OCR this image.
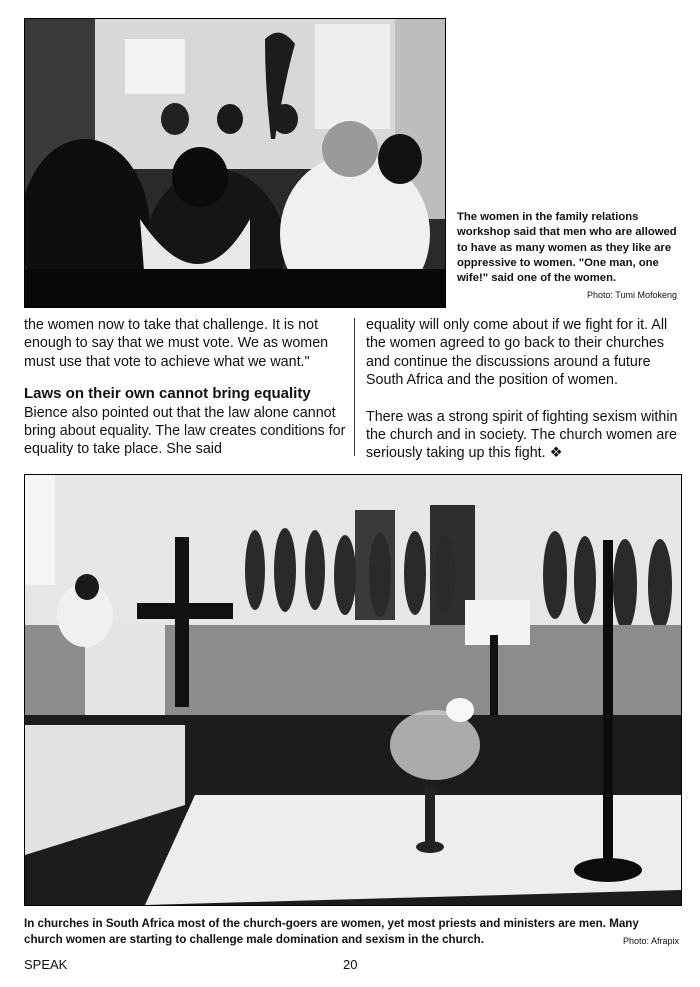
The women in the family relations workshop said that men who are allowed to have as many women as they like are oppressive to women. "One man, one wife!" said one of the women.
Photo: Tumi Mofokeng

the women now to take that challenge. It is not enough to say that we must vote. We as women must use that vote to achieve what we want."

Laws on their own cannot bring equality

Bience also pointed out that the law alone cannot bring about equality. The law creates conditions for equality to take place. She said

equality will only come about if we fight for it. All the women agreed to go back to their churches and continue the discussions around a future South Africa and the position of women.

There was a strong spirit of fighting sexism within the church and in society. The church women are seriously taking up this fight. ❖

In churches in South Africa most of the church-goers are women, yet most priests and ministers are men. Many church women are starting to challenge male domination and sexism in the church.	Photo: Afrapix
SPEAK	20
